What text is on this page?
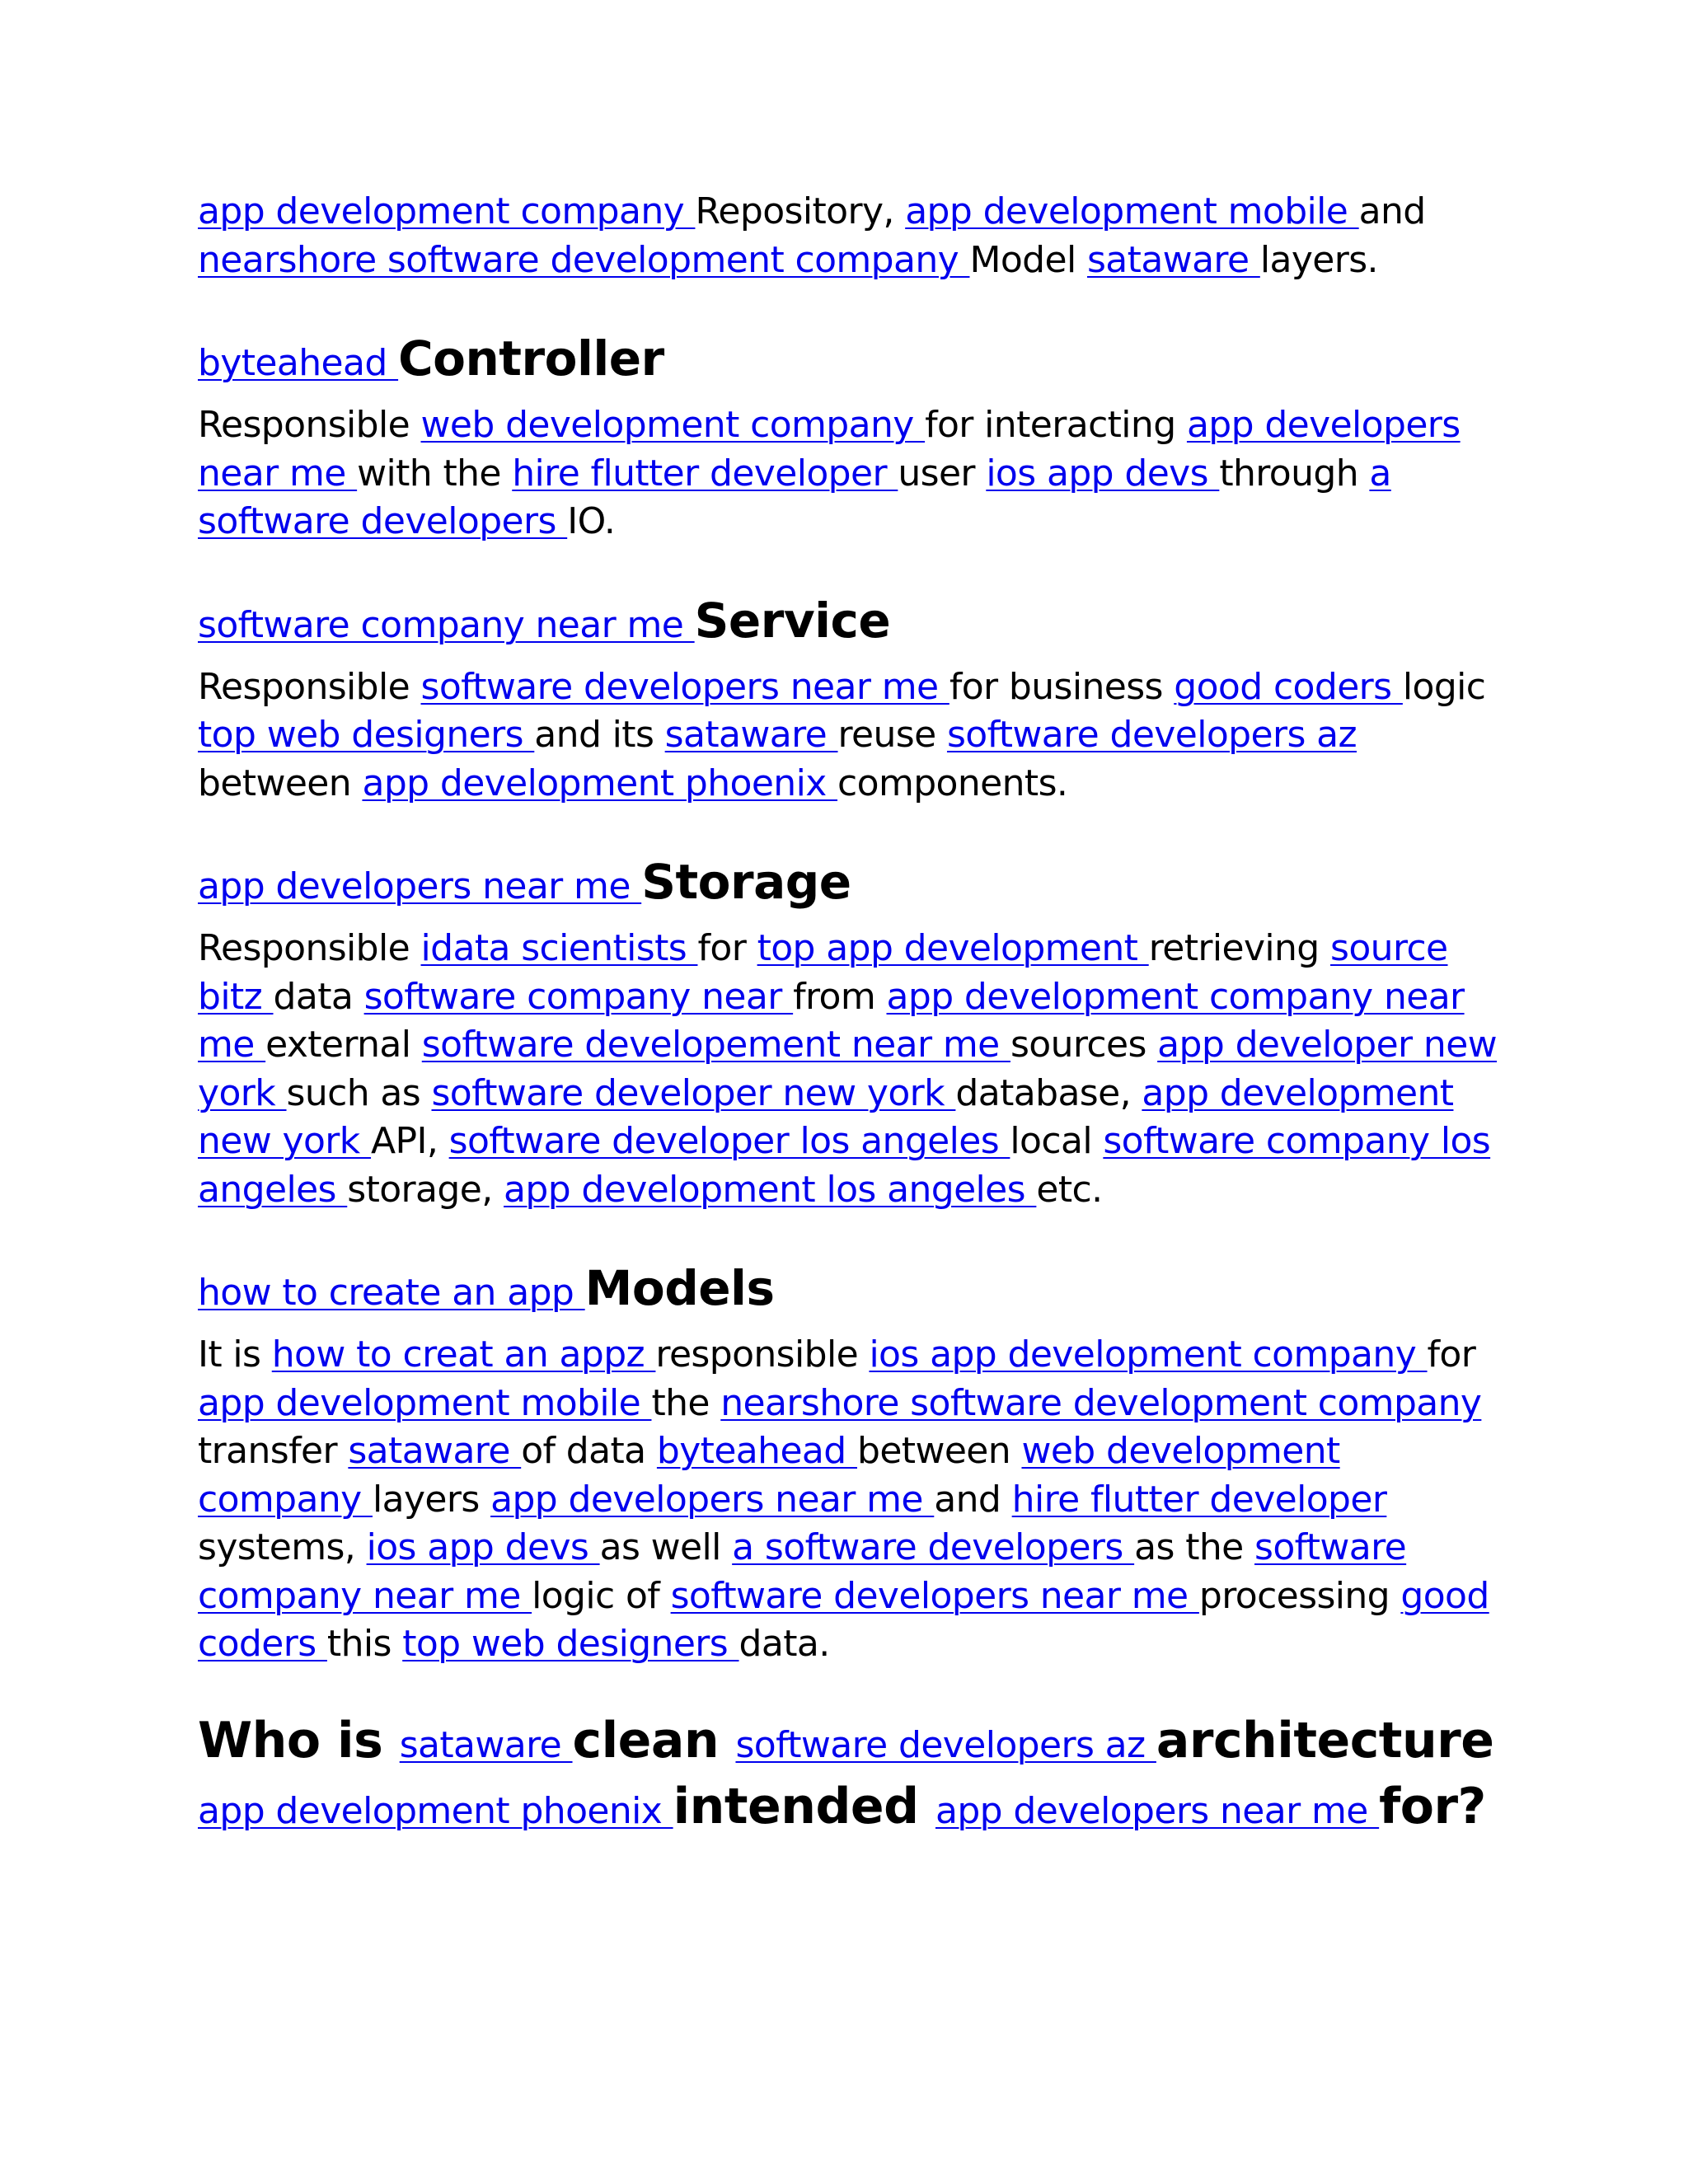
app development company Repository, app development mobile and nearshore software development company Model sataware layers.

byteahead Controller

Responsible web development company for interacting app developers near me with the hire flutter developer user ios app devs through a software developers IO.

software company near me Service

Responsible software developers near me for business good coders logic top web designers and its sataware reuse software developers az between app development phoenix components.

app developers near me Storage

Responsible idata scientists for top app development retrieving source bitz data software company near from app development company near me external software developement near me sources app developer new york such as software developer new york database, app development new york API, software developer los angeles local software company los angeles storage, app development los angeles etc.

how to create an app Models

It is how to creat an appz responsible ios app development company for app development mobile the nearshore software development company transfer sataware of data byteahead between web development company layers app developers near me and hire flutter developer systems, ios app devs as well a software developers as the software company near me logic of software developers near me processing good coders this top web designers data.

Who is sataware clean software developers az architecture app development phoenix intended app developers near me for?
